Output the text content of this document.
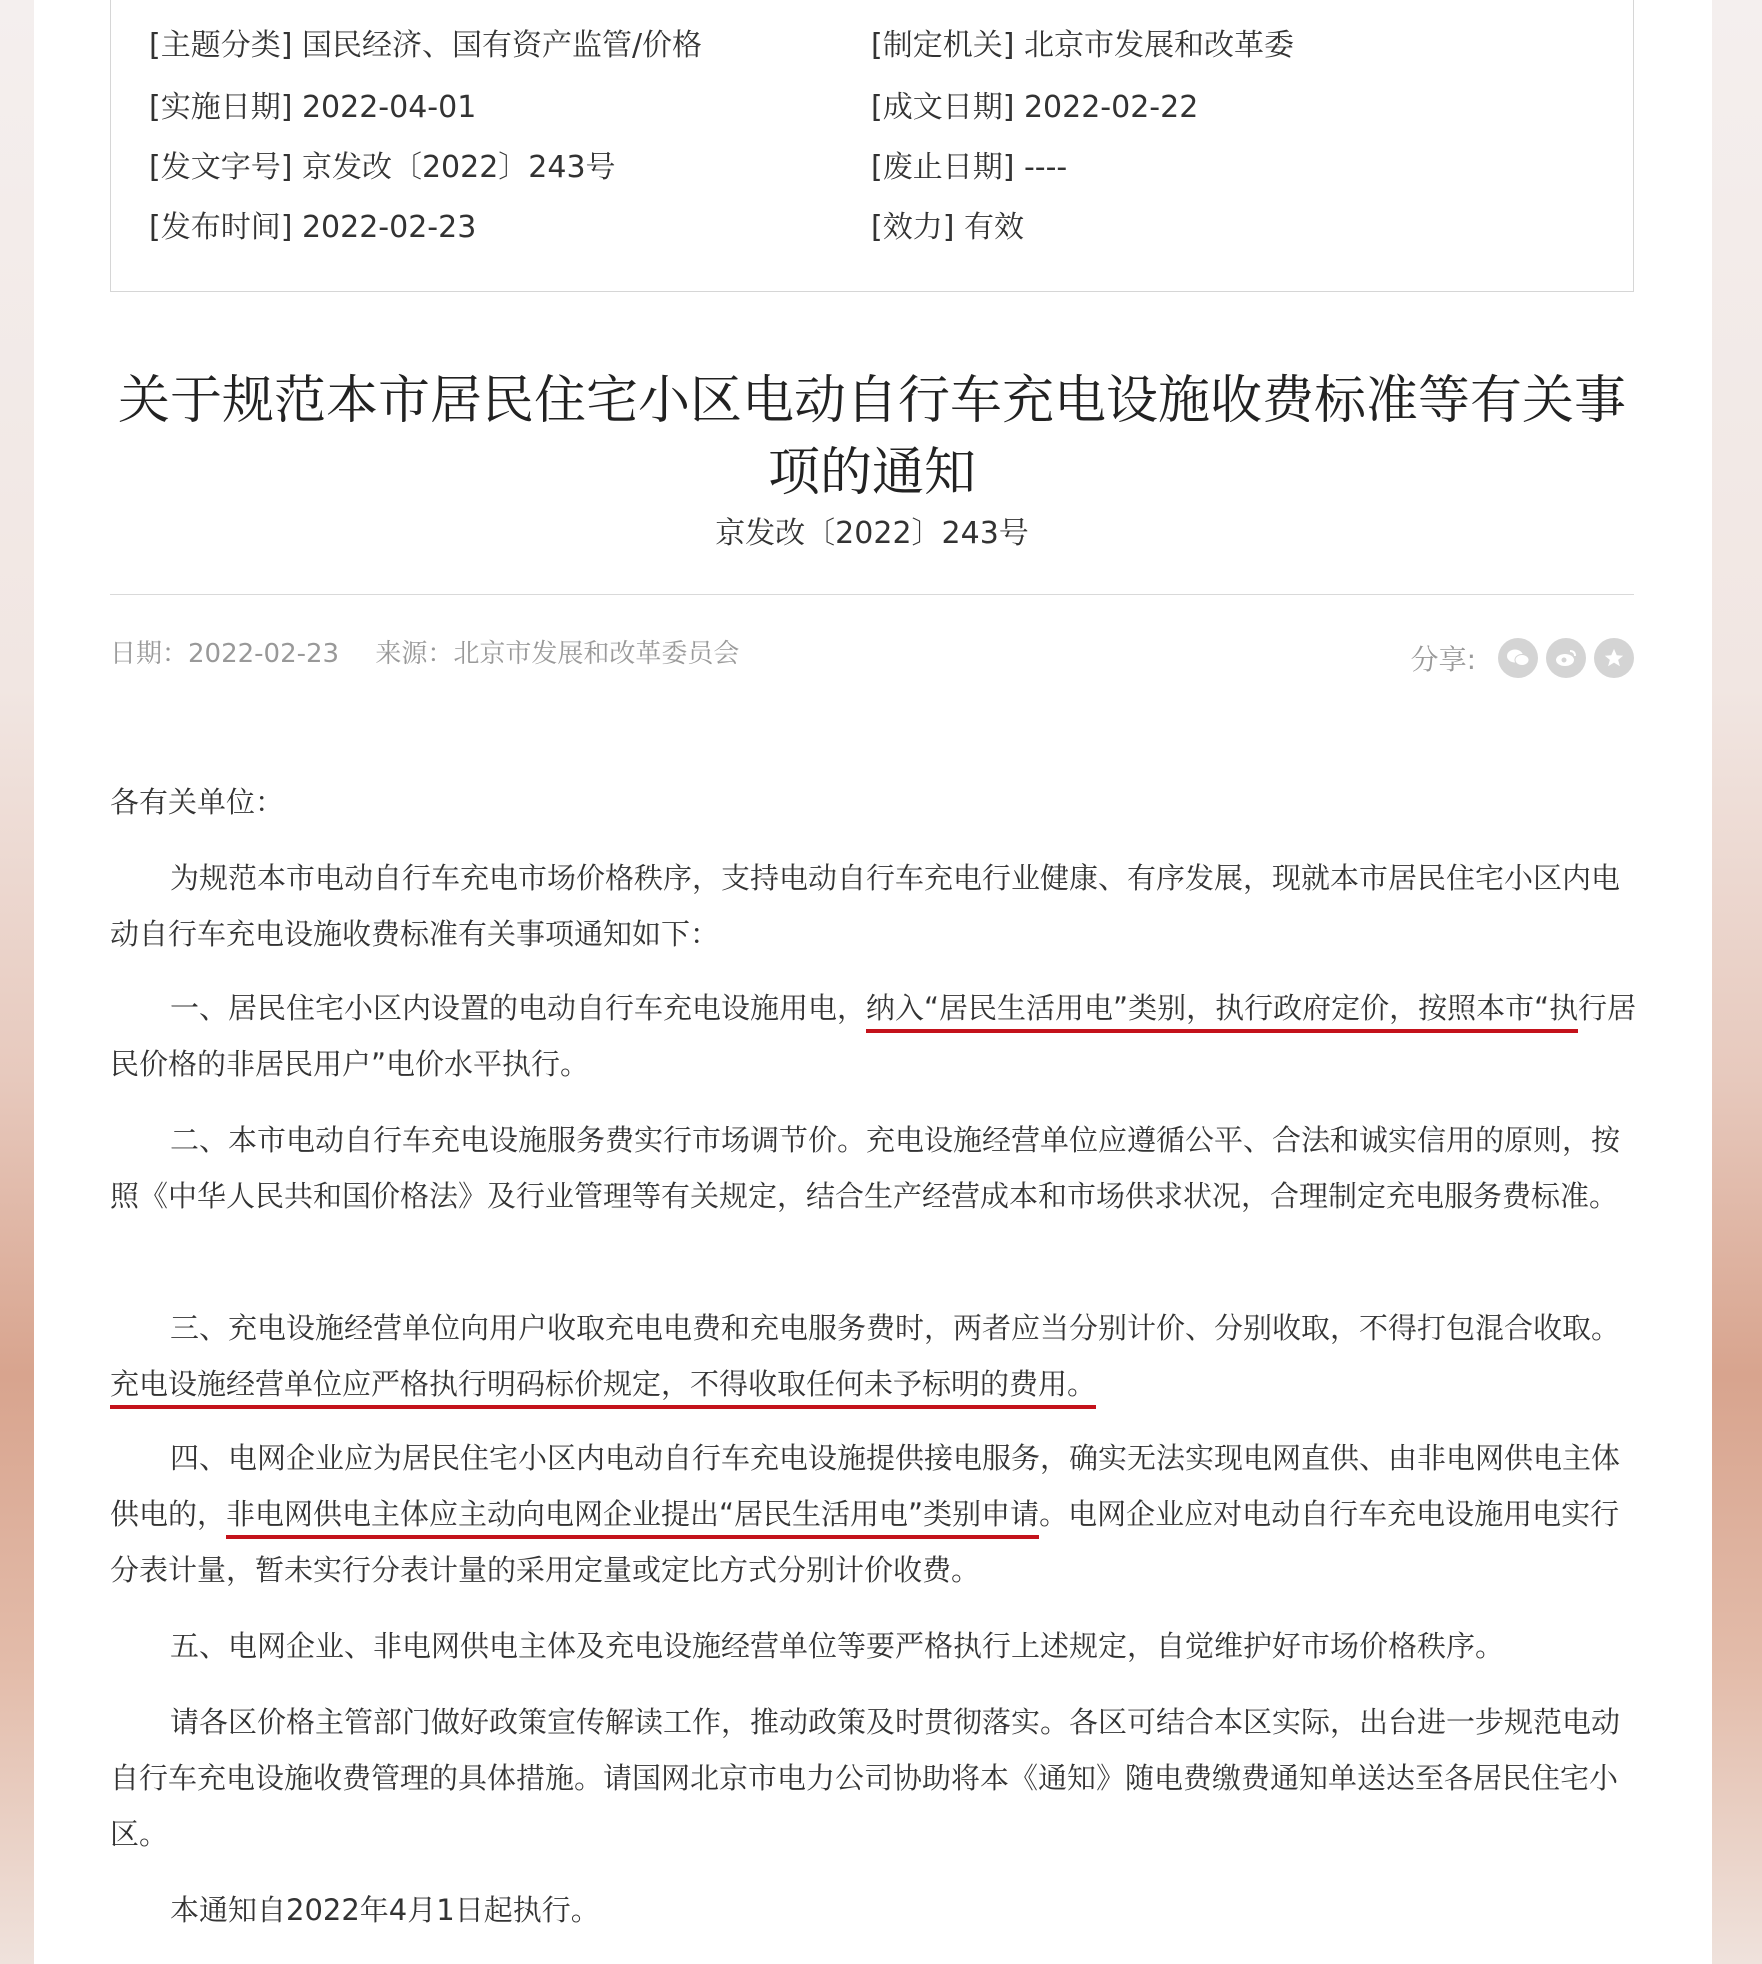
[主题分类] 国民经济、国有资产监管/价格	[制定机关] 北京市发展和改革委
[实施日期] 2022-04-01	[成文日期] 2022-02-22
[发文字号] 京发改〔2022〕243号	[废止日期] ----
[发布时间] 2022-02-23	[效力] 有效
关于规范本市居民住宅小区电动自行车充电设施收费标准等有关事项的通知
京发改〔2022〕243号
日期：2022-02-23 来源：北京市发展和改革委员会	分享:

各有关单位：

为规范本市电动自行车充电市场价格秩序，支持电动自行车充电行业健康、有序发展，现就本市居民住宅小区内电动自行车充电设施收费标准有关事项通知如下：

一、居民住宅小区内设置的电动自行车充电设施用电，纳入“居民生活用电”类别，执行政府定价，按照本市“执行居民价格的非居民用户”电价水平执行。

二、本市电动自行车充电设施服务费实行市场调节价。充电设施经营单位应遵循公平、合法和诚实信用的原则，按照《中华人民共和国价格法》及行业管理等有关规定，结合生产经营成本和市场供求状况，合理制定充电服务费标准。

三、充电设施经营单位向用户收取充电电费和充电服务费时，两者应当分别计价、分别收取，不得打包混合收取。充电设施经营单位应严格执行明码标价规定，不得收取任何未予标明的费用。

四、电网企业应为居民住宅小区内电动自行车充电设施提供接电服务，确实无法实现电网直供、由非电网供电主体供电的，非电网供电主体应主动向电网企业提出“居民生活用电”类别申请。电网企业应对电动自行车充电设施用电实行分表计量，暂未实行分表计量的采用定量或定比方式分别计价收费。

五、电网企业、非电网供电主体及充电设施经营单位等要严格执行上述规定，自觉维护好市场价格秩序。

请各区价格主管部门做好政策宣传解读工作，推动政策及时贯彻落实。各区可结合本区实际，出台进一步规范电动自行车充电设施收费管理的具体措施。请国网北京市电力公司协助将本《通知》随电费缴费通知单送达至各居民住宅小区。

本通知自2022年4月1日起执行。
